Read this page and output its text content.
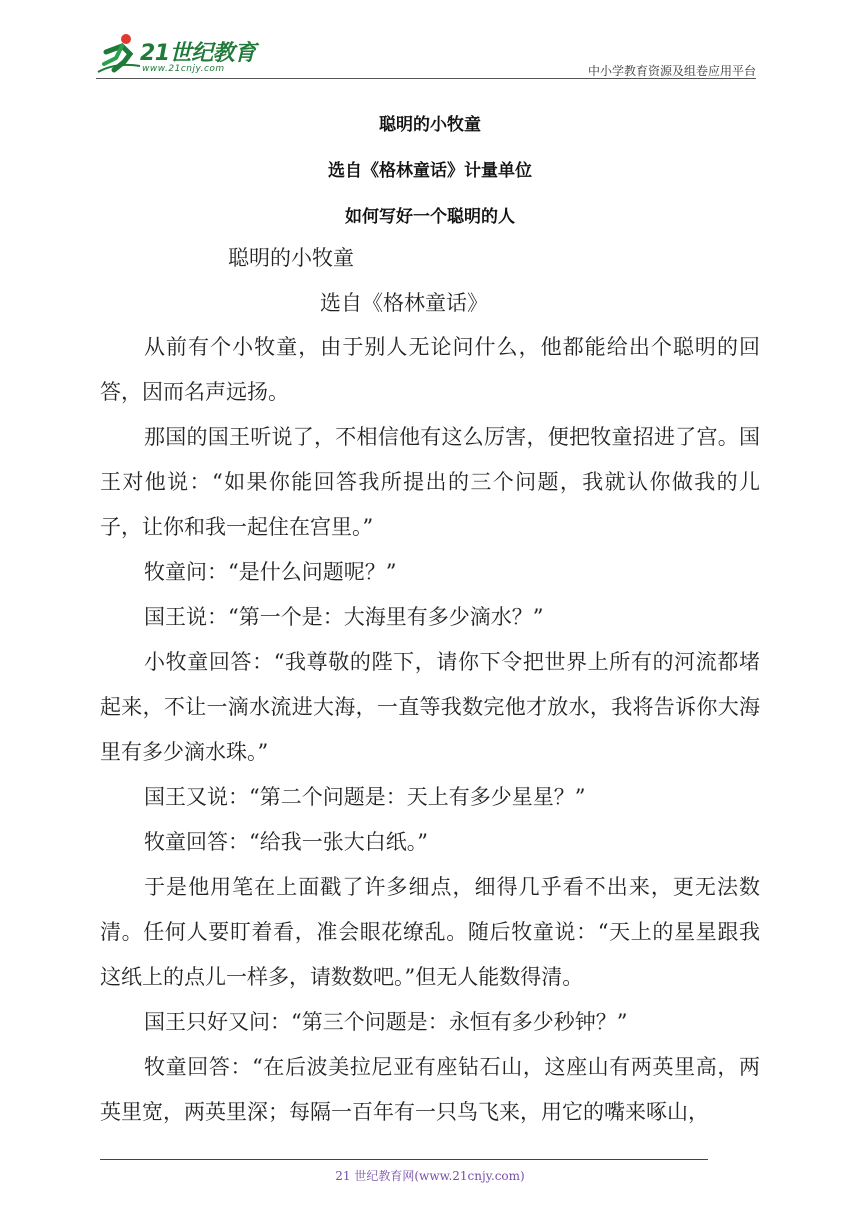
21世纪教育
www.21cnjy.com	中小学教育资源及组卷应用平台
聪明的小牧童
选自《格林童话》计量单位
如何写好一个聪明的人
聪明的小牧童
选自《格林童话》
从前有个小牧童，由于别人无论问什么，他都能给出个聪明的回答，因而名声远扬。
那国的国王听说了，不相信他有这么厉害，便把牧童招进了宫。国王对他说：“如果你能回答我所提出的三个问题，我就认你做我的儿子，让你和我一起住在宫里。”
牧童问：“是什么问题呢？”
国王说：“第一个是：大海里有多少滴水？”
小牧童回答：“我尊敬的陛下，请你下令把世界上所有的河流都堵起来，不让一滴水流进大海，一直等我数完他才放水，我将告诉你大海里有多少滴水珠。”
国王又说：“第二个问题是：天上有多少星星？”
牧童回答：“给我一张大白纸。”
于是他用笔在上面戳了许多细点，细得几乎看不出来，更无法数清。任何人要盯着看，准会眼花缭乱。随后牧童说：“天上的星星跟我这纸上的点儿一样多，请数数吧。”但无人能数得清。
国王只好又问：“第三个问题是：永恒有多少秒钟？”
牧童回答：“在后波美拉尼亚有座钻石山，这座山有两英里高，两英里宽，两英里深；每隔一百年有一只鸟飞来，用它的嘴来啄山，
21 世纪教育网(www.21cnjy.com)
